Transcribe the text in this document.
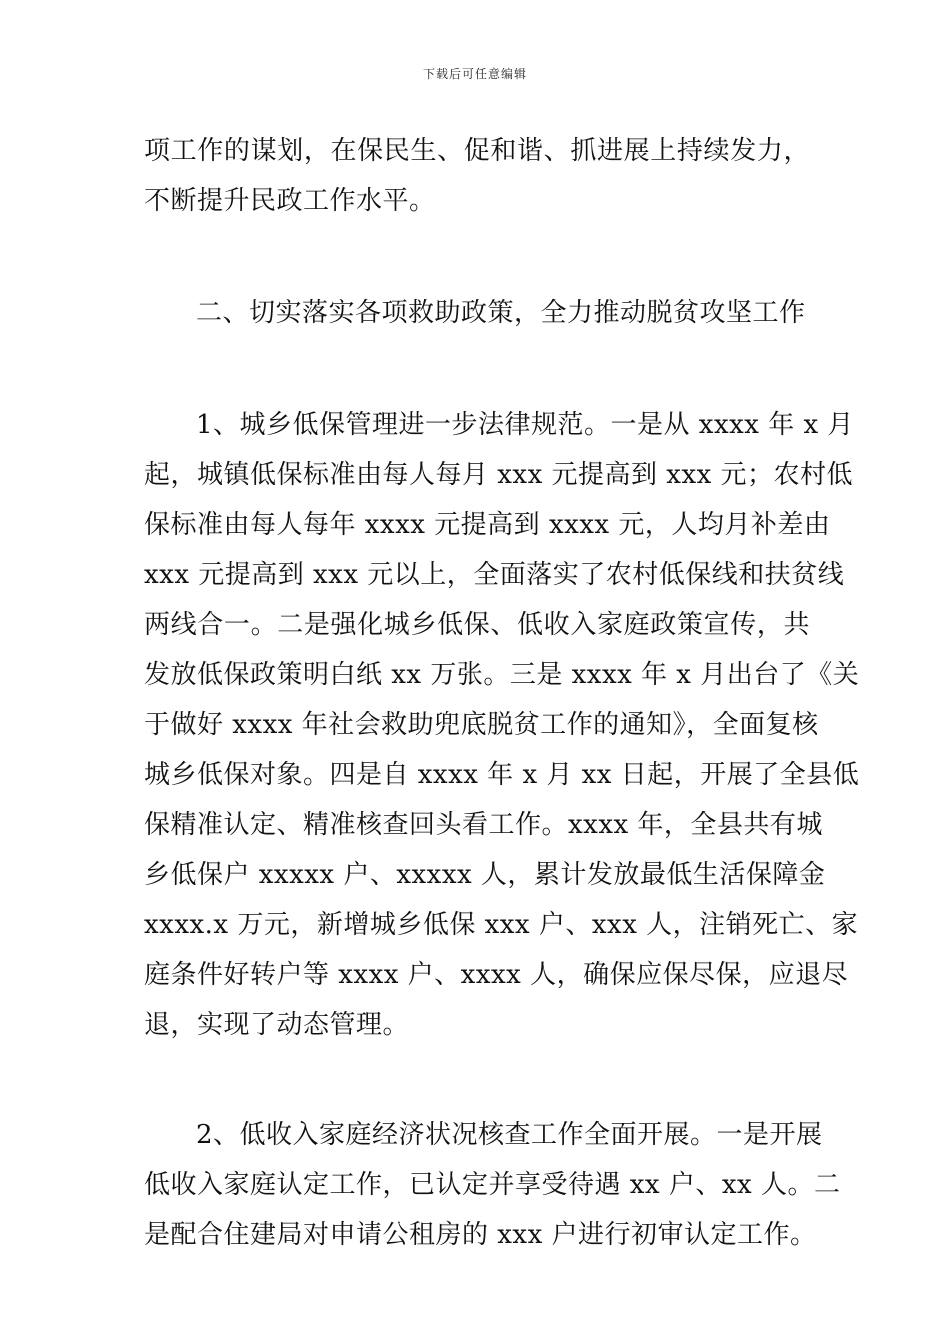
下载后可任意编辑
项工作的谋划，在保民生、促和谐、抓进展上持续发力，
不断提升民政工作水平。
二、切实落实各项救助政策，全力推动脱贫攻坚工作
1、城乡低保管理进一步法律规范。一是从 xxxx 年 x 月
起，城镇低保标准由每人每月 xxx 元提高到 xxx 元；农村低
保标准由每人每年 xxxx 元提高到 xxxx 元，人均月补差由
xxx 元提高到 xxx 元以上，全面落实了农村低保线和扶贫线
两线合一。二是强化城乡低保、低收入家庭政策宣传，共
发放低保政策明白纸 xx 万张。三是 xxxx 年 x 月出台了《关
于做好 xxxx 年社会救助兜底脱贫工作的通知》，全面复核
城乡低保对象。四是自 xxxx 年 x 月 xx 日起，开展了全县低
保精准认定、精准核查回头看工作。xxxx 年，全县共有城
乡低保户 xxxxx 户、xxxxx 人，累计发放最低生活保障金
xxxx.x 万元，新增城乡低保 xxx 户、xxx 人，注销死亡、家
庭条件好转户等 xxxx 户、xxxx 人，确保应保尽保，应退尽
退，实现了动态管理。
2、低收入家庭经济状况核查工作全面开展。一是开展
低收入家庭认定工作，已认定并享受待遇 xx 户、xx 人。二
是配合住建局对申请公租房的 xxx 户进行初审认定工作。
